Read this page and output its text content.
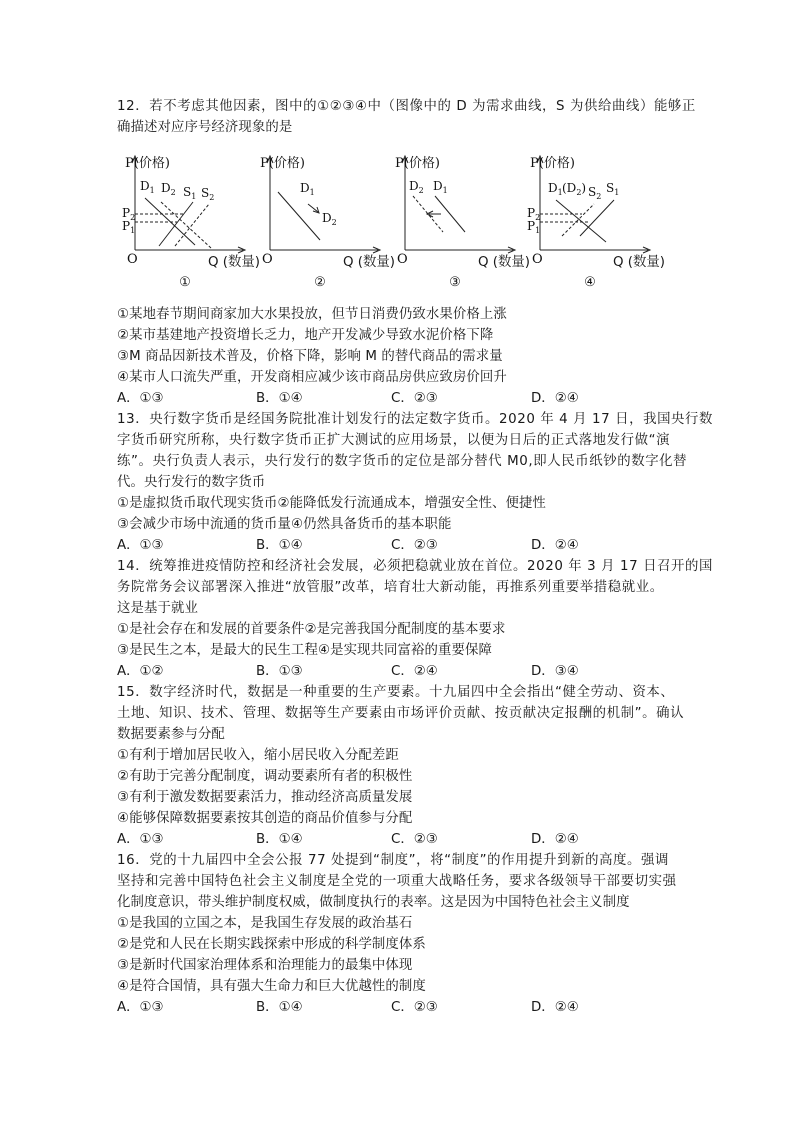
12．若不考虑其他因素，图中的①②③④中（图像中的 D 为需求曲线，S 为供给曲线）能够正
确描述对应序号经济现象的是
P(价格)
O
$D_1$ $D_2$ $S_1$ $S_2$
$P_2$
$P_1$
①
Q (数量)
P(价格)
O
$D_1$
$D_2$
②
Q (数量)
P(价格)
O
$D_2$ $D_1$
③
Q (数量)
P(价格)
O
$D_1$ $(D_2)$ $S_2$
$S_1$
$P_2$
$P_1$
④
Q (数量)
①某地春节期间商家加大水果投放，但节日消费仍致水果价格上涨
②某市基建地产投资增长乏力，地产开发减少导致水泥价格下降
③M 商品因新技术普及，价格下降，影响 M 的替代商品的需求量
④某市人口流失严重，开发商相应减少该市商品房供应致房价回升
A．①③	B．①④	C．②③	D．②④
13．央行数字货币是经国务院批准计划发行的法定数字货币。2020 年 4 月 17 日，我国央行数
字货币研究所称，央行数字货币正扩大测试的应用场景，以便为日后的正式落地发行做“演
练”。央行负责人表示，央行发行的数字货币的定位是部分替代 M0,即人民币纸钞的数字化替
代。央行发行的数字货币
①是虚拟货币取代现实货币②能降低发行流通成本，增强安全性、便捷性
③会减少市场中流通的货币量④仍然具备货币的基本职能
A．①③	B．①④	C．②③	D．②④
14．统筹推进疫情防控和经济社会发展，必须把稳就业放在首位。2020 年 3 月 17 日召开的国
务院常务会议部署深入推进“放管服”改革，培育壮大新动能，再推系列重要举措稳就业。
这是基于就业
①是社会存在和发展的首要条件②是完善我国分配制度的基本要求
③是民生之本，是最大的民生工程④是实现共同富裕的重要保障
A．①②	B．①③	C．②④	D．③④
15．数字经济时代，数据是一种重要的生产要素。十九届四中全会指出“健全劳动、资本、
土地、知识、技术、管理、数据等生产要素由市场评价贡献、按贡献决定报酬的机制”。确认
数据要素参与分配
①有利于增加居民收入，缩小居民收入分配差距
②有助于完善分配制度，调动要素所有者的积极性
③有利于激发数据要素活力，推动经济高质量发展
④能够保障数据要素按其创造的商品价值参与分配
A．①③	B．①④	C．②③	D．②④
16．党的十九届四中全会公报 77 处提到“制度”，将“制度”的作用提升到新的高度。强调
坚持和完善中国特色社会主义制度是全党的一项重大战略任务，要求各级领导干部要切实强
化制度意识，带头维护制度权威，做制度执行的表率。这是因为中国特色社会主义制度
①是我国的立国之本，是我国生存发展的政治基石
②是党和人民在长期实践探索中形成的科学制度体系
③是新时代国家治理体系和治理能力的最集中体现
④是符合国情，具有强大生命力和巨大优越性的制度
A．①③	B．①④	C．②③	D．②④
